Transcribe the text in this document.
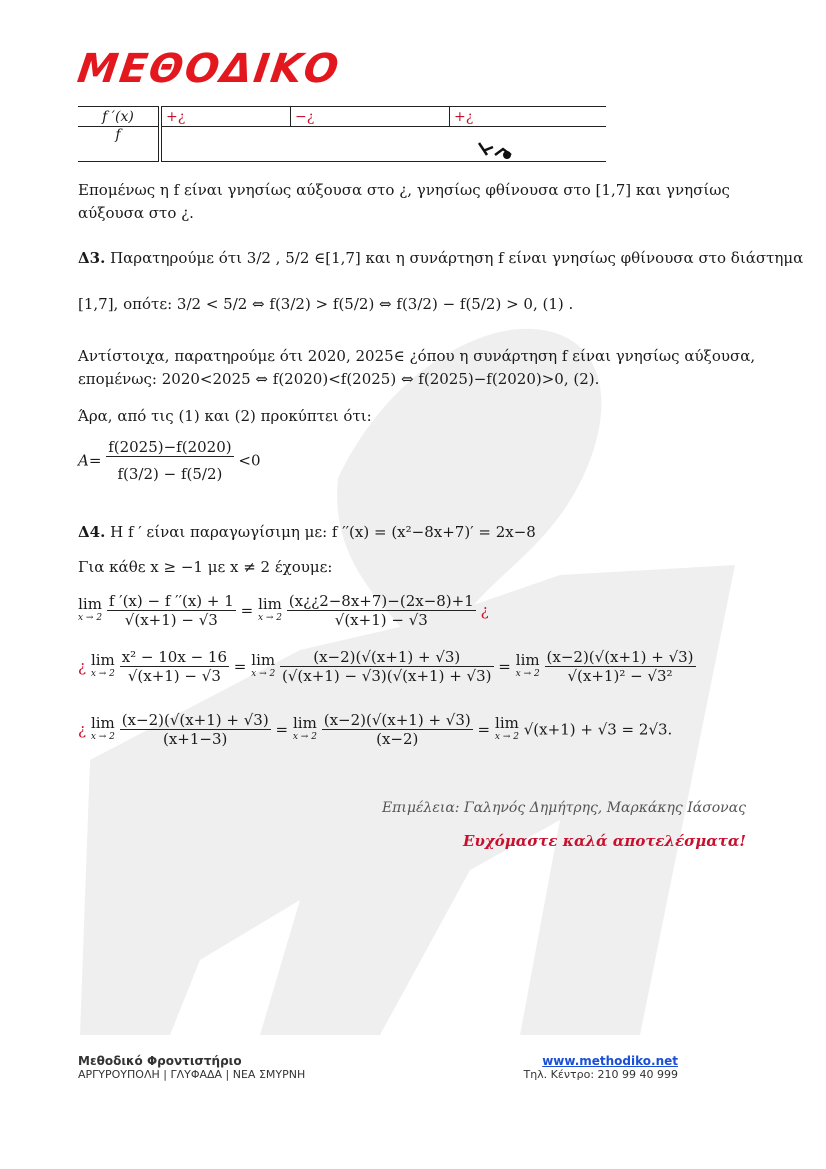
ΜΕΘΟΔΙΚΟ
f ′(x)	+¿	−¿	+¿
f	
Επομένως η f είναι γνησίως αύξουσα στο ¿, γνησίως φθίνουσα στο [1,7] και γνησίως
αύξουσα στο ¿.
Δ3. Παρατηρούμε ότι 3/2 , 5/2 ∈[1,7] και η συνάρτηση f είναι γνησίως φθίνουσα στο διάστημα
[1,7], οπότε: 3/2 < 5/2 ⇔ f(3/2) > f(5/2) ⇔ f(3/2) − f(5/2) > 0, (1) .
Αντίστοιχα, παρατηρούμε ότι 2020, 2025∈ ¿όπου η συνάρτηση f είναι γνησίως αύξουσα,
επομένως: 2020<2025 ⇔ f(2020)<f(2025) ⇔ f(2025)−f(2020)>0, (2).
Άρα, από τις (1) και (2) προκύπτει ότι:
$A= \frac{f(2025)-f(2020)}{f(3/2) - f(5/2)} <0$
Δ4. Η f ′ είναι παραγωγίσιμη με: f ′′(x) = (x²−8x+7)′ = 2x−8
Για κάθε x ≥ −1 με x ≠ 2 έχουμε:
lim
x → 2
$\frac{f '(x) - f ''(x) + 1}{√(x+1) - √3} = \lim$
x → 2
$\frac{(x¿¿2-8x+7)-(2x-8)+1}{√(x+1) - √3}$ ¿
¿ lim
x → 2
$\frac{\text{x² − 10x − 16}}{√(x+1) - √3} = \lim$
x → 2
$\frac{(x-2)(√(x+1) + √3)}{(√(x+1) - √3)(√(x+1) + √3)} = \lim$
x → 2
$\frac{(x-2)(√(x+1) + √3)}{\text{√(x+1)² − √3²}}$
¿ lim
x → 2
$\frac{(x-2)(√(x+1) + √3)}{(x+1-3)} = \lim$
x → 2
$\frac{(x-2)(√(x+1) + √3)}{(x-2)} = \lim$
x → 2 √(x+1) + √3 = 2√3.
Επιμέλεια: Γαληνός Δημήτρης, Μαρκάκης Ιάσονας
Ευχόμαστε καλά αποτελέσματα!
Μεθοδικό Φροντιστήριο
ΑΡΓΥΡΟΥΠΟΛΗ | ΓΛΥΦΑΔΑ | ΝΕΑ ΣΜΥΡΝΗ
www.methodiko.net
Τηλ. Κέντρο: 210 99 40 999
